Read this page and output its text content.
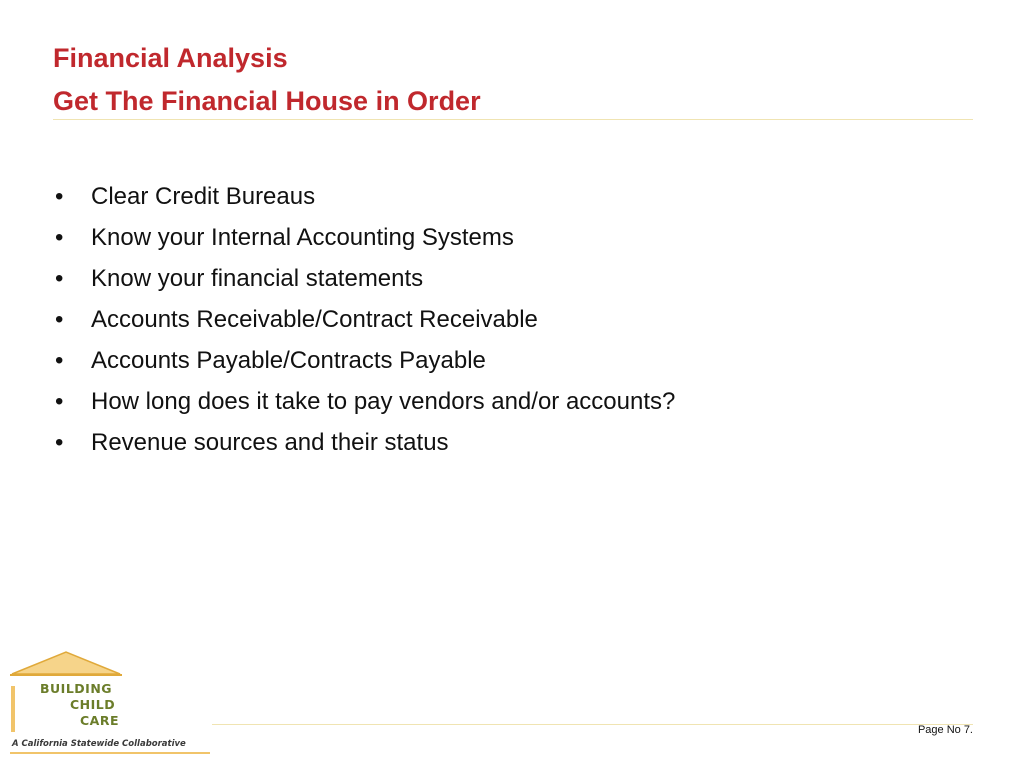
Financial Analysis
Get The Financial House in Order
•	Clear Credit Bureaus
•	Know your Internal Accounting Systems
•	Know your financial statements
•	Accounts Receivable/Contract Receivable
•	Accounts Payable/Contracts Payable
•	How long does it take to pay vendors and/or accounts?
•	Revenue sources and their status
Page No 7.
BUILDING
CHILD
CARE
A California Statewide Collaborative
